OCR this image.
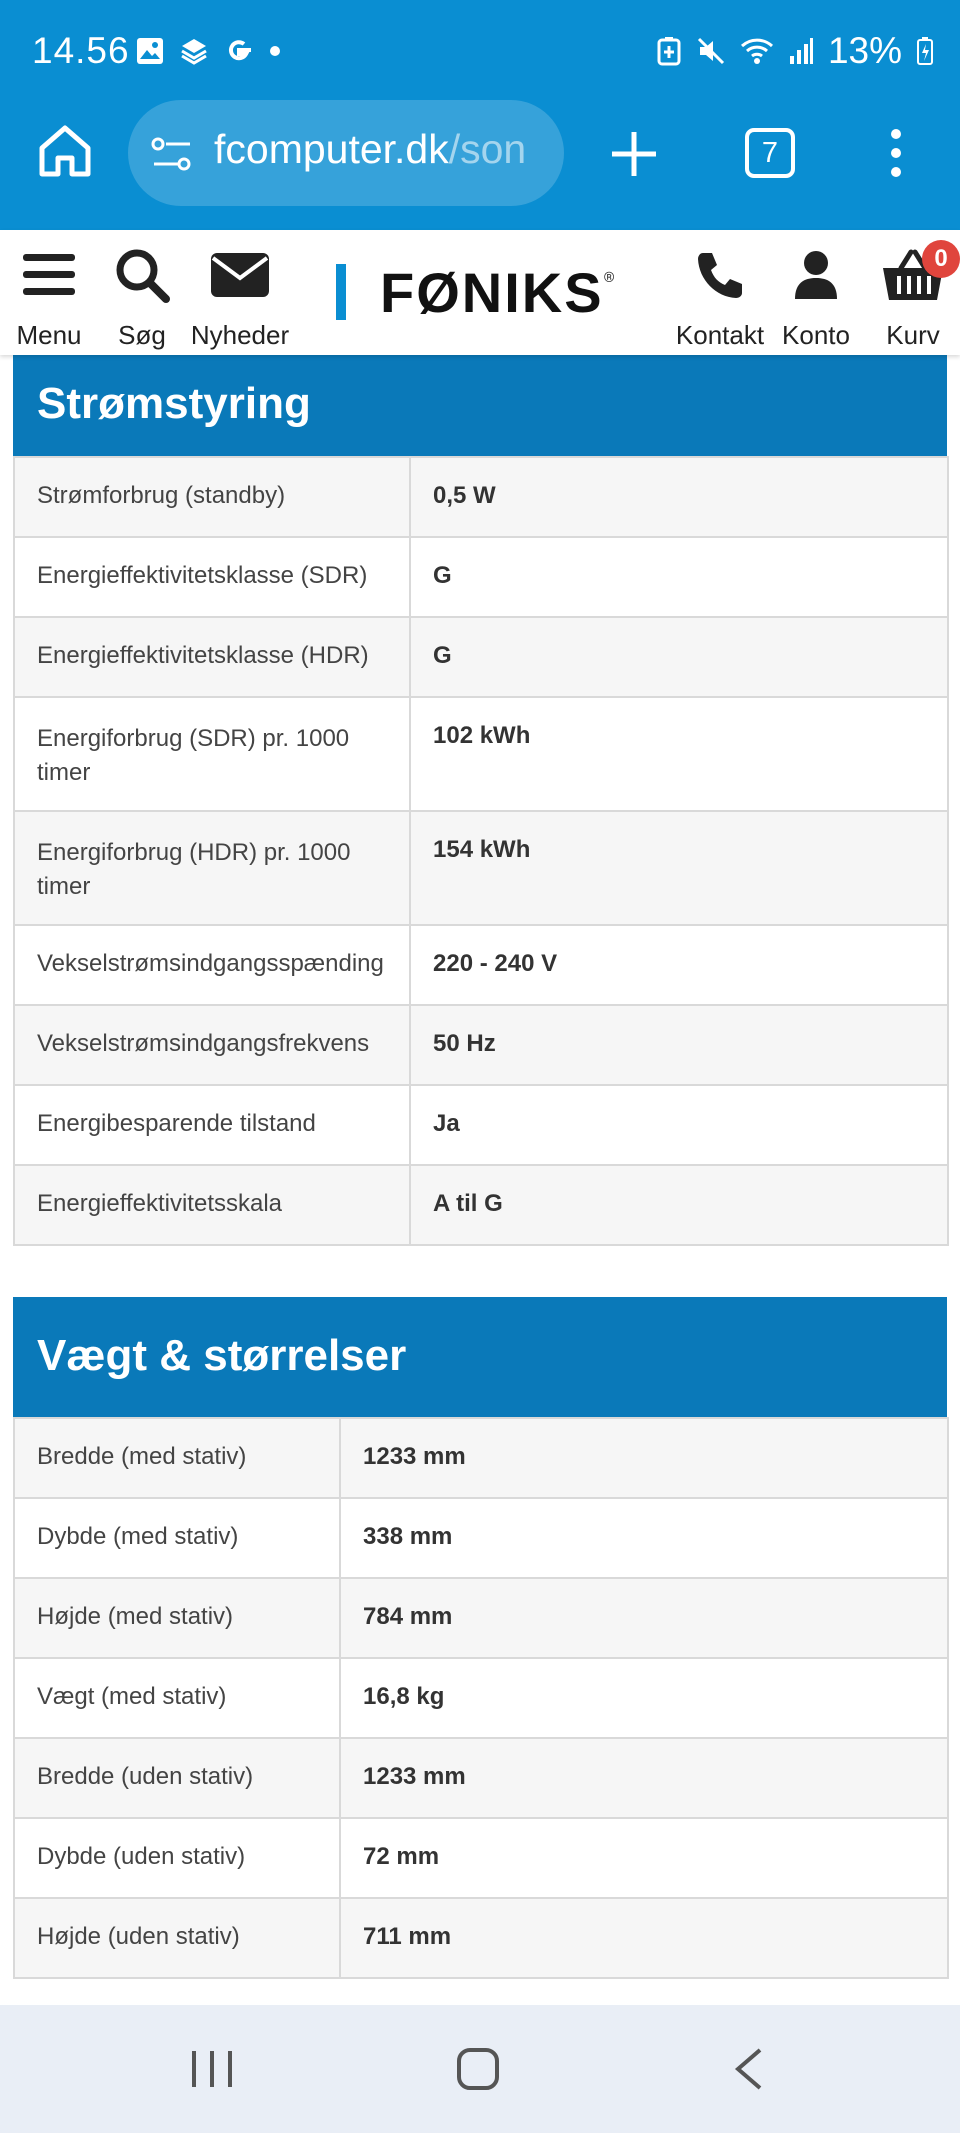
14.56	13%
fcomputer.dk/son	7
Menu Søg Nyheder
FØNIKS ®
Kontakt Konto	Kurv
0
Strømstyring
Strømforbrug (standby)	0,5 W
Energieffektivitetsklasse (SDR)	G
Energieffektivitetsklasse (HDR)	G
Energiforbrug (SDR) pr. 1000 timer	102 kWh
Energiforbrug (HDR) pr. 1000 timer	154 kWh
Vekselstrømsindgangsspænding	220 - 240 V
Vekselstrømsindgangsfrekvens	50 Hz
Energibesparende tilstand	Ja
Energieffektivitetsskala	A til G
Vægt & størrelser
Bredde (med stativ)	1233 mm
Dybde (med stativ)	338 mm
Højde (med stativ)	784 mm
Vægt (med stativ)	16,8 kg
Bredde (uden stativ)	1233 mm
Dybde (uden stativ)	72 mm
Højde (uden stativ)	711 mm
